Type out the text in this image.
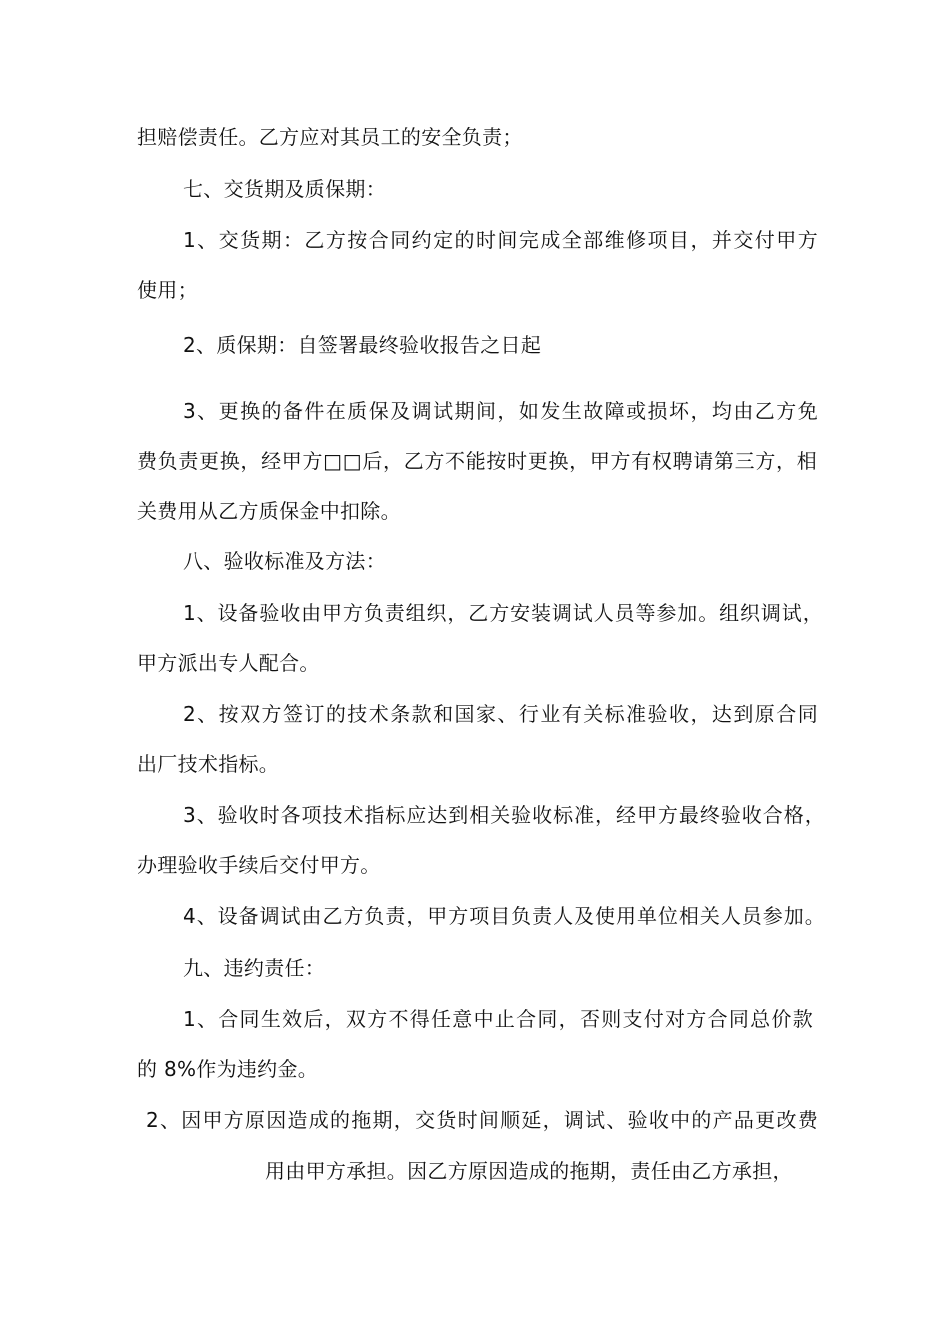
担赔偿责任。乙方应对其员工的安全负责；
七、交货期及质保期：
1、交货期：乙方按合同约定的时间完成全部维修项目，并交付甲方
使用；
2、质保期：自签署最终验收报告之日起
3、更换的备件在质保及调试期间，如发生故障或损坏，均由乙方免
费负责更换，经甲方□□后，乙方不能按时更换，甲方有权聘请第三方，相
关费用从乙方质保金中扣除。
八、验收标准及方法：
1、设备验收由甲方负责组织，乙方安装调试人员等参加。组织调试，
甲方派出专人配合。
2、按双方签订的技术条款和国家、行业有关标准验收，达到原合同
出厂技术指标。
3、验收时各项技术指标应达到相关验收标准，经甲方最终验收合格，
办理验收手续后交付甲方。
4、设备调试由乙方负责，甲方项目负责人及使用单位相关人员参加。
九、违约责任：
1、合同生效后，双方不得任意中止合同，否则支付对方合同总价款
的 8%作为违约金。
2、因甲方原因造成的拖期，交货时间顺延，调试、验收中的产品更改费
用由甲方承担。因乙方原因造成的拖期，责任由乙方承担，
